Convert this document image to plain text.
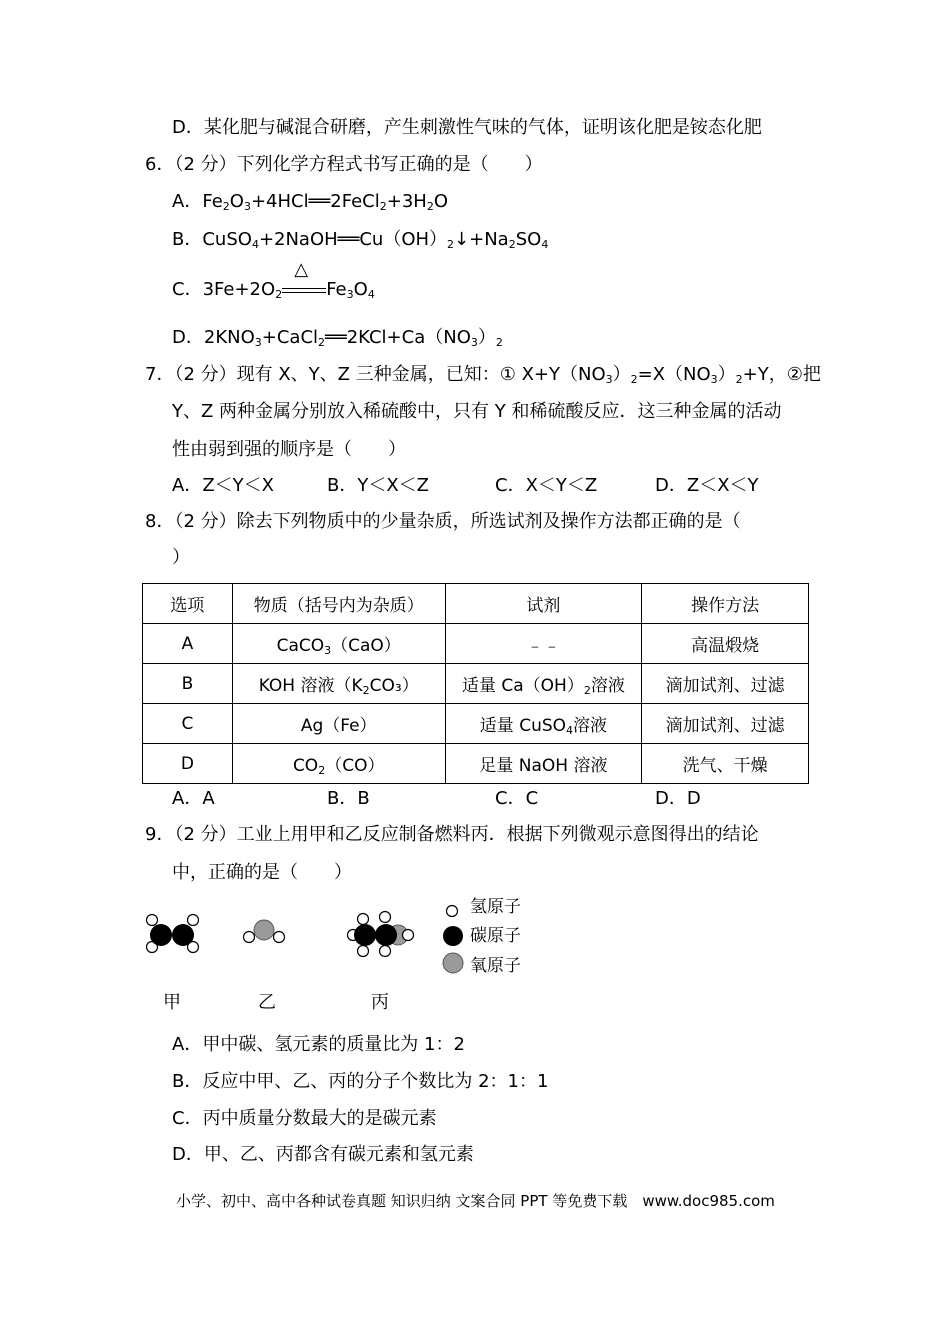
D．某化肥与碱混合研磨，产生刺激性气味的气体，证明该化肥是铵态化肥
6．（2 分）下列化学方程式书写正确的是（　　）
A．$Fe_2O_3+4HCl══2FeCl_2+3H_2O$
B．$CuSO_4+2NaOH══Cu(OH)_2↓+Na_2SO_4$
C．$3Fe+2O_2$
△
$Fe_3O_4$
D．$2KNO_3+CaCl_2══2KCl+Ca(NO_3)_2$
7．（2 分）现有 X、Y、Z 三种金属，已知：① $X+Y(NO_3)_2=X(NO_3)_2+Y$，②把
Y、Z 两种金属分别放入稀硫酸中，只有 Y 和稀硫酸反应．这三种金属的活动
性由弱到强的顺序是（　　）
A．Z＜Y＜X	B．Y＜X＜Z	C．X＜Y＜Z	D．Z＜X＜Y
8．（2 分）除去下列物质中的少量杂质，所选试剂及操作方法都正确的是（
）
选项	物质（括号内为杂质）	试剂	操作方法
A	CaCO$_3$（CaO）	﹣﹣	高温煅烧
B	KOH 溶液$(K_2CO_3)$	适量 $Ca(OH)_2$溶液	滴加试剂、过滤
C	Ag（Fe）	适量 CuSO$_4$溶液	滴加试剂、过滤
D	$CO_2(CO)$	足量 NaOH 溶液	洗气、干燥
A．A	B．B	C．C	D．D
9．（2 分）工业上用甲和乙反应制备燃料丙．根据下列微观示意图得出的结论
中，正确的是（　　）
氢原子
碳原子
氧原子
甲	乙	丙
A．甲中碳、氢元素的质量比为 1：2
B．反应中甲、乙、丙的分子个数比为 2：1：1
C．丙中质量分数最大的是碳元素
D．甲、乙、丙都含有碳元素和氢元素
小学、初中、高中各种试卷真题 知识归纳 文案合同 PPT 等免费下载　www.doc985.com
